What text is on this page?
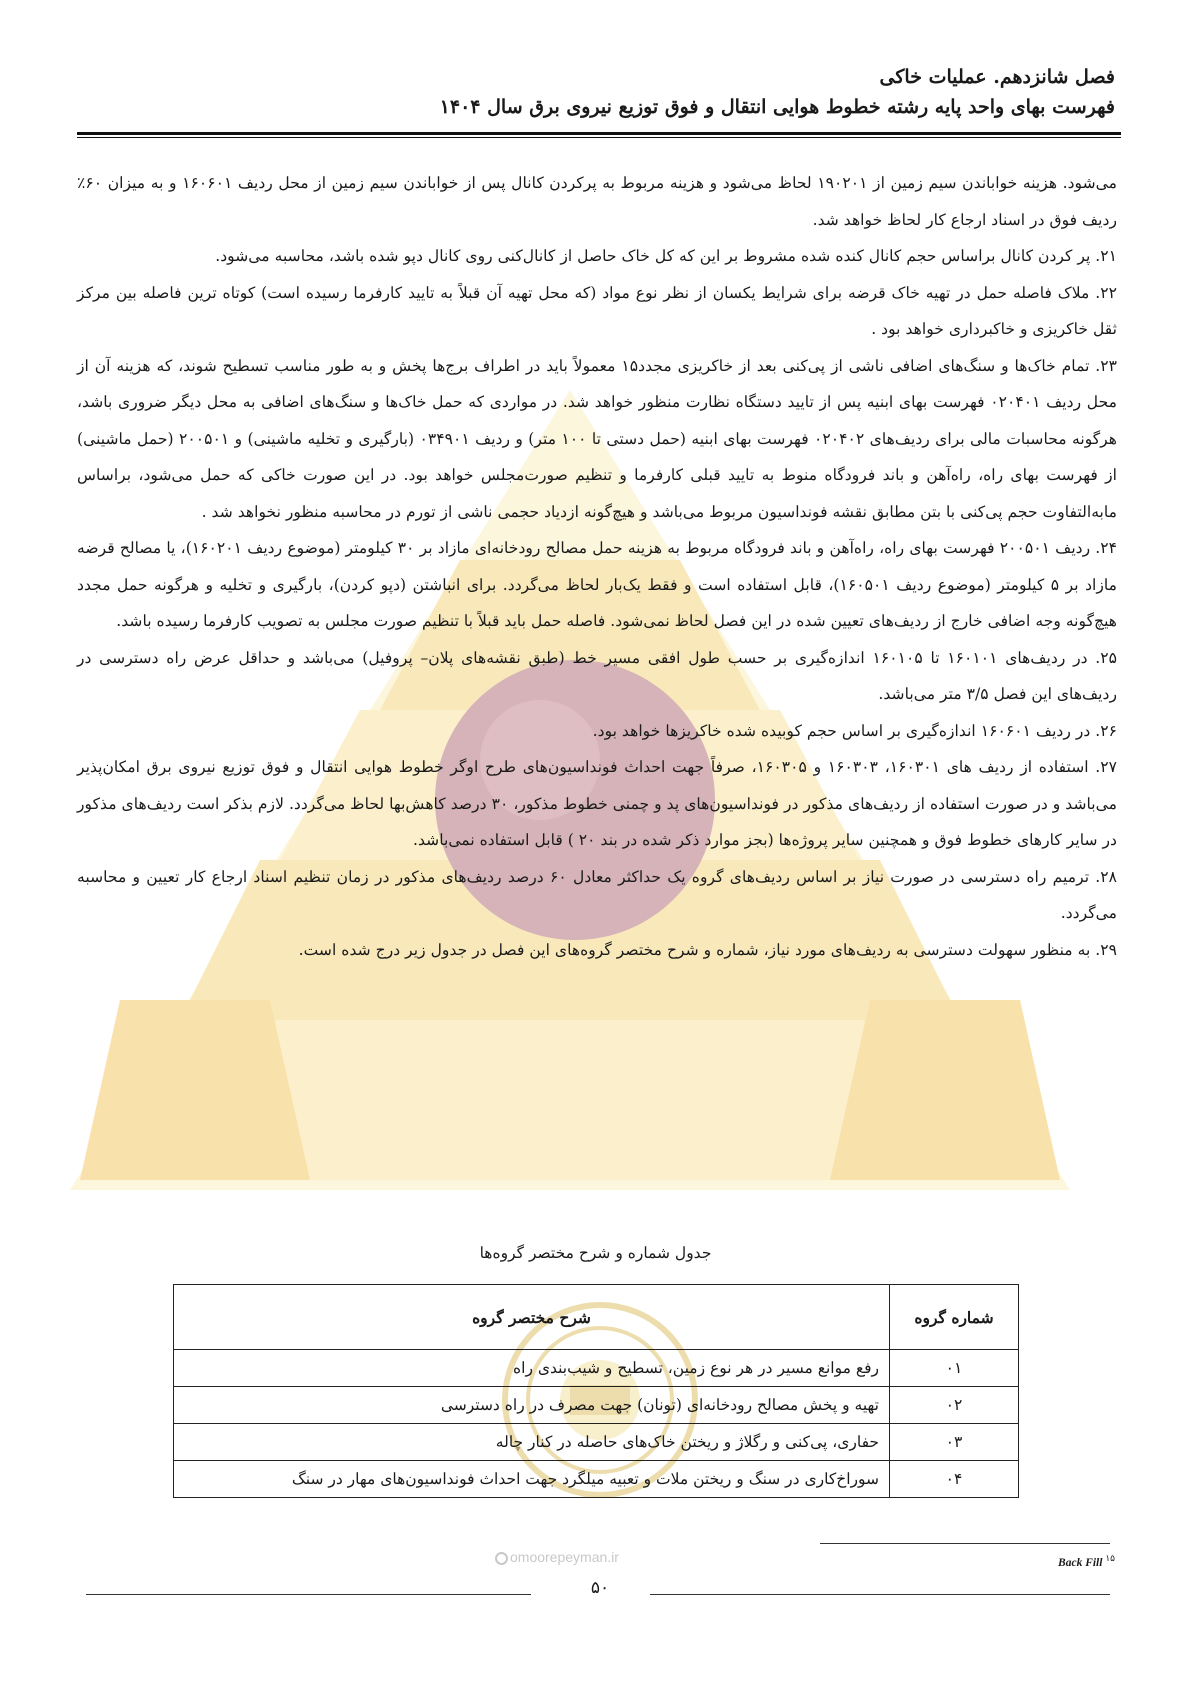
فصل شانزدهم. عملیات خاکی
فهرست بهای واحد پایه رشته خطوط هوایی انتقال و فوق توزیع نیروی برق سال ۱۴۰۴

می‌شود. هزینه خواباندن سیم زمین از ۱۹۰۲۰۱ لحاظ می‌شود و هزینه مربوط به پرکردن کانال پس از خواباندن سیم زمین از محل ردیف ۱۶۰۶۰۱ و به میزان ۶۰٪ ردیف فوق در اسناد ارجاع کار لحاظ خواهد شد.

۲۱. پر کردن کانال براساس حجم کانال کنده شده مشروط بر این که کل خاک حاصل از کانال‌کنی روی کانال دپو شده باشد، محاسبه می‌شود.

۲۲. ملاک فاصله حمل در تهیه خاک قرضه برای شرایط یکسان از نظر نوع مواد (که محل تهیه آن قبلاً به تایید کارفرما رسیده است) کوتاه ترین فاصله بین مرکز ثقل خاکریزی و خاکبرداری خواهد بود .

۲۳. تمام خاک‌ها و سنگ‌های اضافی ناشی از پی‌کنی بعد از خاکریزی مجدد۱۵ معمولاً باید در اطراف برج‌ها پخش و به طور مناسب تسطیح شوند، که هزینه آن از محل ردیف ۰۲۰۴۰۱ فهرست بهای ابنیه پس از تایید دستگاه نظارت منظور خواهد شد. در مواردی که حمل خاک‌ها و سنگ‌های اضافی به محل دیگر ضروری باشد، هرگونه محاسبات مالی برای ردیف‌های ۰۲۰۴۰۲ فهرست بهای ابنیه (حمل دستی تا ۱۰۰ متر) و ردیف ۰۳۴۹۰۱ (بارگیری و تخلیه ماشینی) و ۲۰۰۵۰۱ (حمل ماشینی) از فهرست بهای راه، راه‌آهن و باند فرودگاه منوط به تایید قبلی کارفرما و تنظیم صورت‌مجلس خواهد بود. در این صورت خاکی که حمل می‌شود، براساس مابه‌التفاوت حجم پی‌کنی با بتن مطابق نقشه فونداسیون مربوط می‌باشد و هیچ‌گونه ازدیاد حجمی ناشی از تورم در محاسبه منظور نخواهد شد .

۲۴. ردیف ۲۰۰۵۰۱ فهرست بهای راه، راه‌آهن و باند فرودگاه مربوط به هزینه حمل مصالح رودخانه‌ای مازاد بر ۳۰ کیلومتر (موضوع ردیف ۱۶۰۲۰۱)، یا مصالح قرضه مازاد بر ۵ کیلومتر (موضوع ردیف ۱۶۰۵۰۱)، قابل استفاده است و فقط یک‌بار لحاظ می‌گردد. برای انباشتن (دپو کردن)، بارگیری و تخلیه و هرگونه حمل مجدد هیچ‌گونه وجه اضافی خارج از ردیف‌های تعیین شده در این فصل لحاظ نمی‌شود. فاصله حمل باید قبلاً با تنظیم صورت مجلس به تصویب کارفرما رسیده باشد.

۲۵. در ردیف‌های ۱۶۰۱۰۱ تا ۱۶۰۱۰۵ اندازه‌گیری بر حسب طول افقی مسیر خط (طبق نقشه‌های پلان– پروفیل) می‌باشد و حداقل عرض راه دسترسی در ردیف‌های این فصل ۳/۵ متر می‌باشد.

۲۶. در ردیف ۱۶۰۶۰۱ اندازه‌گیری بر اساس حجم کوبیده شده خاکریزها خواهد بود.

۲۷. استفاده از ردیف های ۱۶۰۳۰۱، ۱۶۰۳۰۳ و ۱۶۰۳۰۵، صرفاً جهت احداث فونداسیون‌های طرح اوگر خطوط هوایی انتقال و فوق توزیع نیروی برق امکان‌پذیر می‌باشد و در صورت استفاده از ردیف‌های مذکور در فونداسیون‌های پد و چمنی خطوط مذکور، ۳۰ درصد کاهش‌بها لحاظ می‌گردد. لازم بذکر است ردیف‌های مذکور در سایر کارهای خطوط فوق و همچنین سایر پروژه‌ها (بجز موارد ذکر شده در بند ۲۰ ) قابل استفاده نمی‌باشد.

۲۸. ترمیم راه دسترسی در صورت نیاز بر اساس ردیف‌های گروه یک حداکثر معادل ۶۰ درصد ردیف‌های مذکور در زمان تنظیم اسناد ارجاع کار تعیین و محاسبه می‌گردد.

۲۹. به منظور سهولت دسترسی به ردیف‌های مورد نیاز، شماره و شرح مختصر گروه‌های این فصل در جدول زیر درج شده است.

جدول شماره و شرح مختصر گروه‌ها
شماره گروه	شرح مختصر گروه
۰۱	رفع موانع مسیر در هر نوع زمین، تسطیح و شیب‌بندی راه
۰۲	تهیه و پخش مصالح رودخانه‌ای (تونان) جهت مصرف در راه دسترسی
۰۳	حفاری، پی‌کنی و رگلاژ و ریختن خاک‌های حاصله در کنار چاله
۰۴	سوراخ‌کاری در سنگ و ریختن ملات و تعبیه میلگرد جهت احداث فونداسیون‌های مهار در سنگ
Back Fill $^{۱۵}$
omoorepeyman.ir
۵۰
